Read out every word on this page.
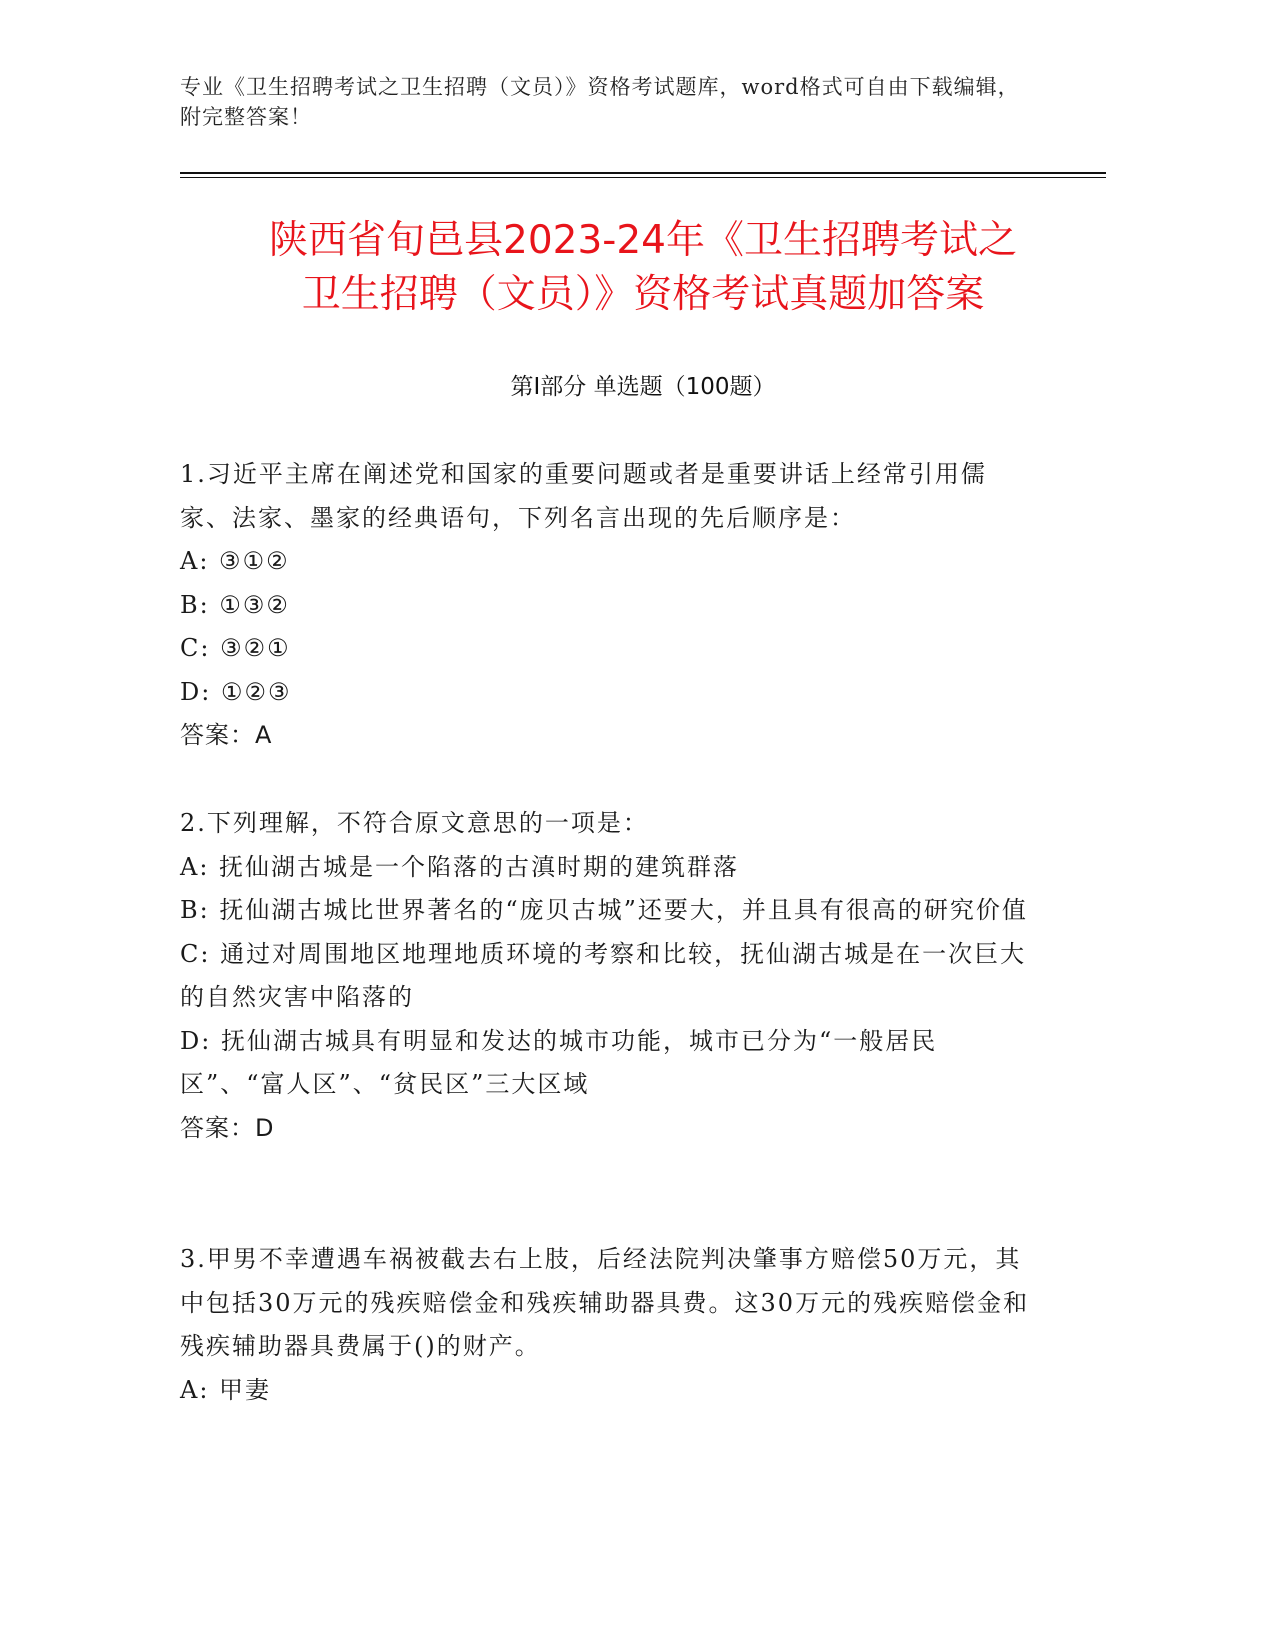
专业《卫生招聘考试之卫生招聘（文员）》资格考试题库，word格式可自由下载编辑，附完整答案！
陕西省旬邑县2023-24年《卫生招聘考试之
卫生招聘（文员）》资格考试真题加答案
第Ⅰ部分 单选题（100题）
1.习近平主席在阐述党和国家的重要问题或者是重要讲话上经常引用儒家、法家、墨家的经典语句，下列名言出现的先后顺序是：
A: ③①②
B: ①③②
C: ③②①
D: ①②③
答案：A
2.下列理解，不符合原文意思的一项是：
A: 抚仙湖古城是一个陷落的古滇时期的建筑群落
B: 抚仙湖古城比世界著名的“庞贝古城”还要大，并且具有很高的研究价值
C: 通过对周围地区地理地质环境的考察和比较，抚仙湖古城是在一次巨大的自然灾害中陷落的
D: 抚仙湖古城具有明显和发达的城市功能，城市已分为“一般居民区”、“富人区”、“贫民区”三大区域
答案：D
3.甲男不幸遭遇车祸被截去右上肢，后经法院判决肇事方赔偿50万元，其中包括30万元的残疾赔偿金和残疾辅助器具费。这30万元的残疾赔偿金和残疾辅助器具费属于()的财产。
A: 甲妻
